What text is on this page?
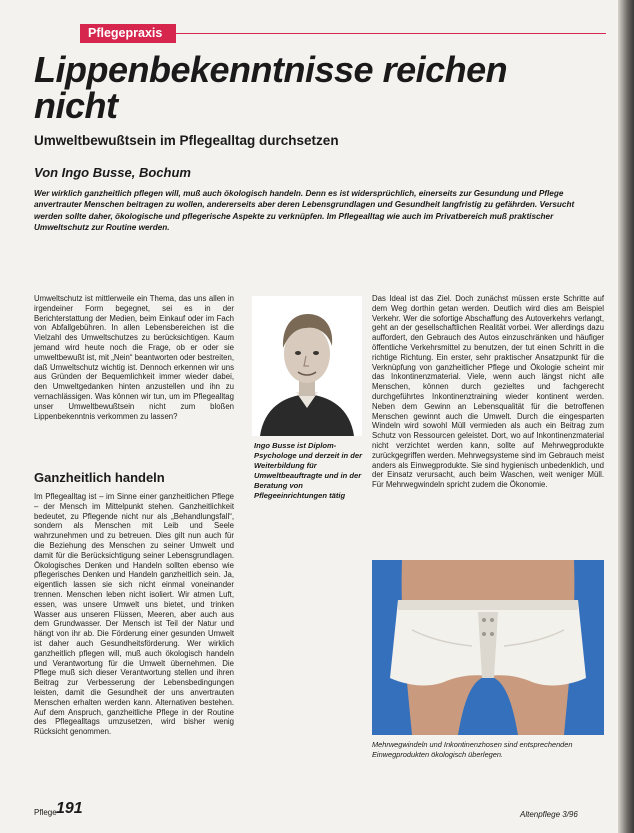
Pflegepraxis
Lippenbekenntnisse reichen nicht
Umweltbewußtsein im Pflegealltag durchsetzen

Von Ingo Busse, Bochum

Wer wirklich ganzheitlich pflegen will, muß auch ökologisch handeln. Denn es ist widersprüchlich, einerseits zur Gesundung und Pflege anvertrauter Menschen beitragen zu wollen, andererseits aber deren Lebensgrundlagen und Gesundheit langfristig zu gefährden. Versucht werden sollte daher, ökologische und pflegerische Aspekte zu verknüpfen. Im Pflegealltag wie auch im Privatbereich muß praktischer Umweltschutz zur Routine werden.

Umweltschutz ist mittlerweile ein Thema, das uns allen in irgendeiner Form begegnet, sei es in der Berichterstattung der Medien, beim Einkauf oder im Fach von Abfallgebühren. In allen Lebensbereichen ist die Vielzahl des Umweltschutzes zu berücksichtigen. Kaum jemand wird heute noch die Frage, ob er oder sie umweltbewußt ist, mit „Nein“ beantworten oder bestreiten, daß Umweltschutz wichtig ist. Dennoch erkennen wir uns aus Gründen der Bequemlichkeit immer wieder dabei, den Umweltgedanken hinten anzustellen und ihn zu vernachlässigen. Was können wir tun, um im Pflegealltag unser Umweltbewußtsein nicht zum bloßen Lippenbekenntnis verkommen zu lassen?

Ingo Busse ist Diplom-Psychologe und derzeit in der Weiterbildung für Umweltbeauftragte und in der Beratung von Pflegeeinrichtungen tätig

Ganzheitlich handeln

Im Pflegealltag ist – im Sinne einer ganzheitlichen Pflege – der Mensch im Mittelpunkt stehen. Ganzheitlichkeit bedeutet, zu Pflegende nicht nur als „Behandlungsfall“, sondern als Menschen mit Leib und Seele wahrzunehmen und zu betreuen. Dies gilt nun auch für die Beziehung des Menschen zu seiner Umwelt und damit für die Berücksichtigung seiner Lebensgrundlagen. Ökologisches Denken und Handeln sollten ebenso wie pflegerisches Denken und Handeln ganzheitlich sein. Ja, eigentlich lassen sie sich nicht einmal voneinander trennen. Menschen leben nicht isoliert. Wir atmen Luft, essen, was unsere Umwelt uns bietet, und trinken Wasser aus unseren Flüssen, Meeren, aber auch aus dem Grundwasser. Der Mensch ist Teil der Natur und hängt von ihr ab. Die Förderung einer gesunden Umwelt ist daher auch Gesundheitsförderung. Wer wirklich ganzheitlich pflegen will, muß auch ökologisch handeln und Verantwortung für die Umwelt übernehmen. Die Pflege muß sich dieser Verantwortung stellen und ihren Beitrag zur Verbesserung der Lebensbedingungen leisten, damit die Gesundheit der uns anvertrauten Menschen erhalten werden kann. Alternativen bestehen. Auf dem Anspruch, ganzheitliche Pflege in der Routine des Pflegealltags umzusetzen, wird bisher wenig Rücksicht genommen.

Das Ideal ist das Ziel. Doch zunächst müssen erste Schritte auf dem Weg dorthin getan werden. Deutlich wird dies am Beispiel Verkehr. Wer die sofortige Abschaffung des Autoverkehrs verlangt, geht an der gesellschaftlichen Realität vorbei. Wer allerdings dazu auffordert, den Gebrauch des Autos einzuschränken und häufiger öffentliche Verkehrsmittel zu benutzen, der tut einen Schritt in die richtige Richtung. Ein erster, sehr praktischer Ansatzpunkt für die Verknüpfung von ganzheitlicher Pflege und Ökologie scheint mir das Inkontinenzmaterial. Viele, wenn auch längst nicht alle Menschen, können durch gezieltes und fachgerecht durchgeführtes Inkontinenztraining wieder kontinent werden. Neben dem Gewinn an Lebensqualität für die betroffenen Menschen gewinnt auch die Umwelt. Durch die eingesparten Windeln wird sowohl Müll vermieden als auch ein Beitrag zum Schutz von Ressourcen geleistet. Dort, wo auf Inkontinenzmaterial nicht verzichtet werden kann, sollte auf Mehrwegprodukte zurückgegriffen werden. Mehrwegsysteme sind im Gebrauch meist anders als Einwegprodukte. Sie sind hygienisch unbedenklich, und der Einsatz verursacht, auch beim Waschen, weit weniger Müll. Für Mehrwegwindeln spricht zudem die Ökonomie.

Mehrwegwindeln und Inkontinenzhosen sind entsprechenden Einwegprodukten ökologisch überlegen.

Pflege 191	Altenpflege 3/96
